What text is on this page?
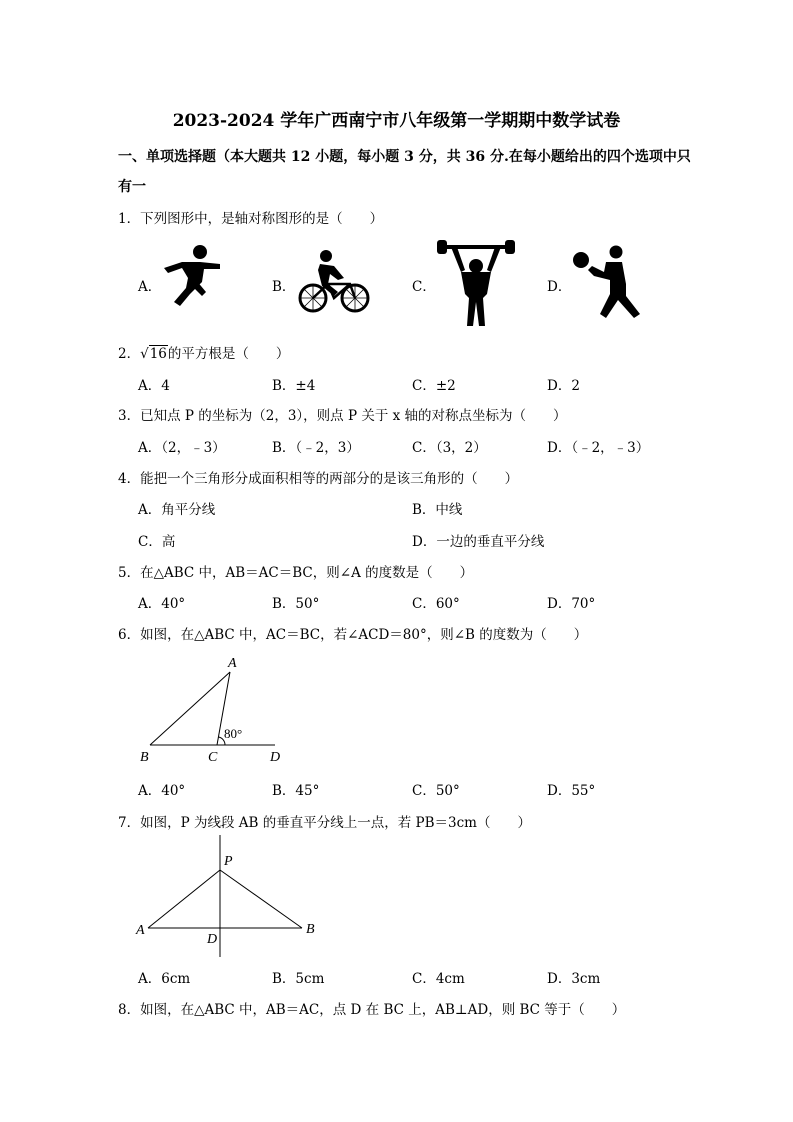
2023-2024 学年广西南宁市八年级第一学期期中数学试卷
一、单项选择题（本大题共 12 小题，每小题 3 分，共 36 分.在每小题给出的四个选项中只
有一
1．下列图形中，是轴对称图形的是（　　）
A．	B．	C．	D．
2．√16的平方根是（　　）
A．4	B．±4	C．±2	D．2
3．已知点 P 的坐标为（2，3），则点 P 关于 x 轴的对称点坐标为（　　）
A．（2，﹣3）	B．（﹣2，3）	C．（3，2）	D．（﹣2，﹣3）
4．能把一个三角形分成面积相等的两部分的是该三角形的（　　）
A．角平分线	B．中线
C．高	D．一边的垂直平分线
5．在△ABC 中，AB＝AC＝BC，则∠A 的度数是（　　）
A．40°	B．50°	C．60°	D．70°
6．如图，在△ABC 中，AC＝BC，若∠ACD＝80°，则∠B 的度数为（　　）
A
B	C	D
80°
A．40°	B．45°	C．50°	D．55°
7．如图，P 为线段 AB 的垂直平分线上一点，若 PB＝3cm（　　）
P
A	B
D
A．6cm	B．5cm	C．4cm	D．3cm
8．如图，在△ABC 中，AB＝AC，点 D 在 BC 上，AB⊥AD，则 BC 等于（　　）
